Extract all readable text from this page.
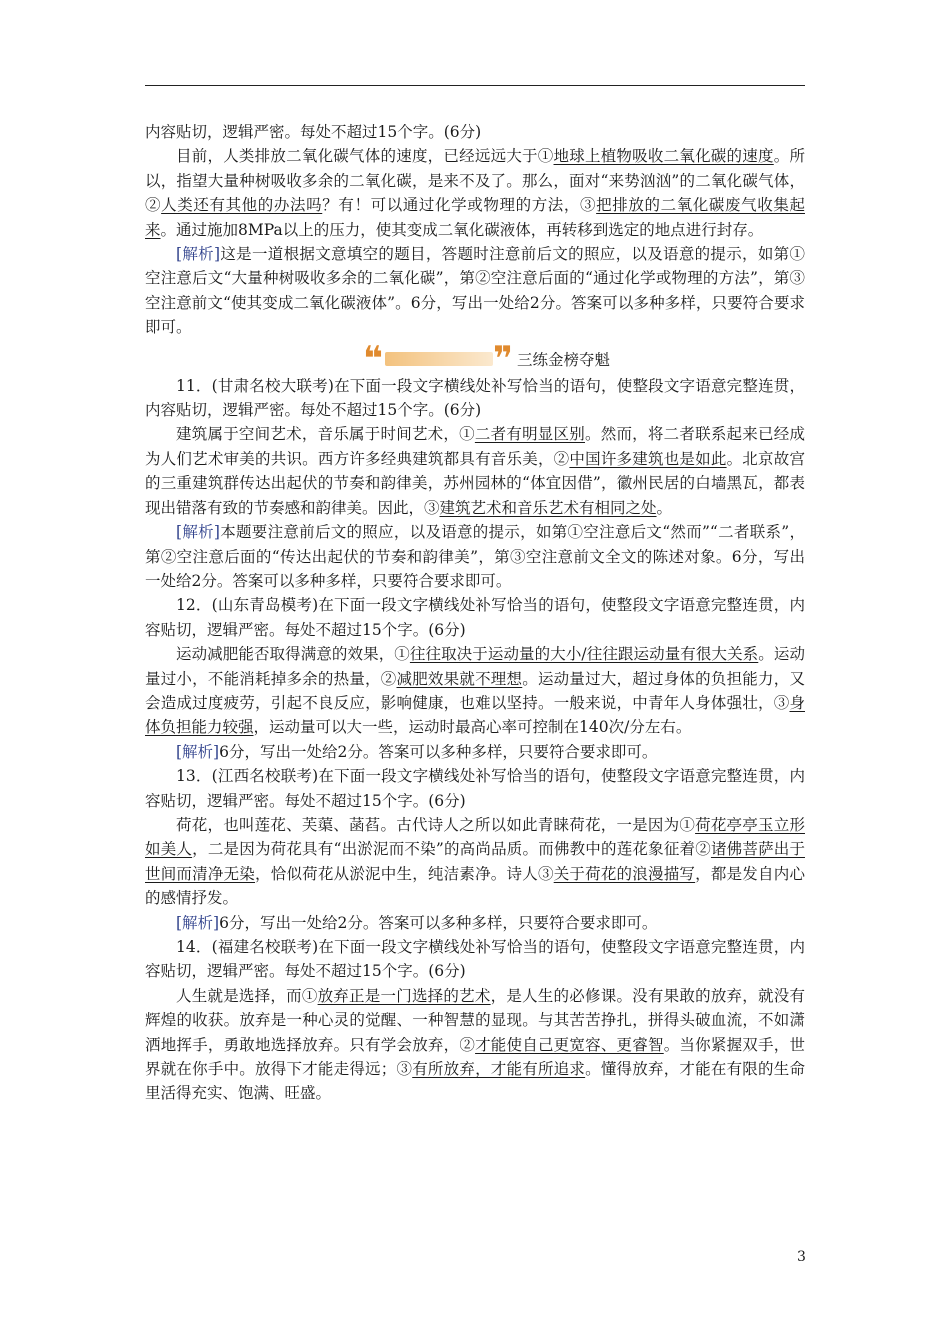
内容贴切，逻辑严密。每处不超过15个字。(6分)

目前，人类排放二氧化碳气体的速度，已经远远大于①地球上植物吸收二氧化碳的速度。所以，指望大量种树吸收多余的二氧化碳，是来不及了。那么，面对“来势汹汹”的二氧化碳气体，②人类还有其他的办法吗？有！可以通过化学或物理的方法，③把排放的二氧化碳废气收集起来。通过施加8MPa以上的压力，使其变成二氧化碳液体，再转移到选定的地点进行封存。

[解析]这是一道根据文意填空的题目，答题时注意前后文的照应，以及语意的提示，如第①空注意后文“大量种树吸收多余的二氧化碳”，第②空注意后面的“通过化学或物理的方法”，第③空注意前文“使其变成二氧化碳液体”。6分，写出一处给2分。答案可以多种多样，只要符合要求即可。

❝	❞ 三练金榜夺魁

11．(甘肃名校大联考)在下面一段文字横线处补写恰当的语句，使整段文字语意完整连贯，内容贴切，逻辑严密。每处不超过15个字。(6分)

建筑属于空间艺术，音乐属于时间艺术，①二者有明显区别。然而，将二者联系起来已经成为人们艺术审美的共识。西方许多经典建筑都具有音乐美，②中国许多建筑也是如此。北京故宫的三重建筑群传达出起伏的节奏和韵律美，苏州园林的“体宜因借”，徽州民居的白墙黑瓦，都表现出错落有致的节奏感和韵律美。因此，③建筑艺术和音乐艺术有相同之处。

[解析]本题要注意前后文的照应，以及语意的提示，如第①空注意后文“然而”“二者联系”，第②空注意后面的“传达出起伏的节奏和韵律美”，第③空注意前文全文的陈述对象。6分，写出一处给2分。答案可以多种多样，只要符合要求即可。

12．(山东青岛模考)在下面一段文字横线处补写恰当的语句，使整段文字语意完整连贯，内容贴切，逻辑严密。每处不超过15个字。(6分)

运动减肥能否取得满意的效果，①往往取决于运动量的大小/往往跟运动量有很大关系。运动量过小，不能消耗掉多余的热量，②减肥效果就不理想。运动量过大，超过身体的负担能力，又会造成过度疲劳，引起不良反应，影响健康，也难以坚持。一般来说，中青年人身体强壮，③身体负担能力较强，运动量可以大一些，运动时最高心率可控制在140次/分左右。

[解析]6分，写出一处给2分。答案可以多种多样，只要符合要求即可。

13．(江西名校联考)在下面一段文字横线处补写恰当的语句，使整段文字语意完整连贯，内容贴切，逻辑严密。每处不超过15个字。(6分)

荷花，也叫莲花、芙蕖、菡萏。古代诗人之所以如此青睐荷花，一是因为①荷花亭亭玉立形如美人，二是因为荷花具有“出淤泥而不染”的高尚品质。而佛教中的莲花象征着②诸佛菩萨出于世间而清净无染，恰似荷花从淤泥中生，纯洁素净。诗人③关于荷花的浪漫描写，都是发自内心的感情抒发。

[解析]6分，写出一处给2分。答案可以多种多样，只要符合要求即可。

14．(福建名校联考)在下面一段文字横线处补写恰当的语句，使整段文字语意完整连贯，内容贴切，逻辑严密。每处不超过15个字。(6分)

人生就是选择，而①放弃正是一门选择的艺术，是人生的必修课。没有果敢的放弃，就没有辉煌的收获。放弃是一种心灵的觉醒、一种智慧的显现。与其苦苦挣扎，拼得头破血流，不如潇洒地挥手，勇敢地选择放弃。只有学会放弃，②才能使自己更宽容、更睿智。当你紧握双手，世界就在你手中。放得下才能走得远；③有所放弃，才能有所追求。懂得放弃，才能在有限的生命里活得充实、饱满、旺盛。

3
